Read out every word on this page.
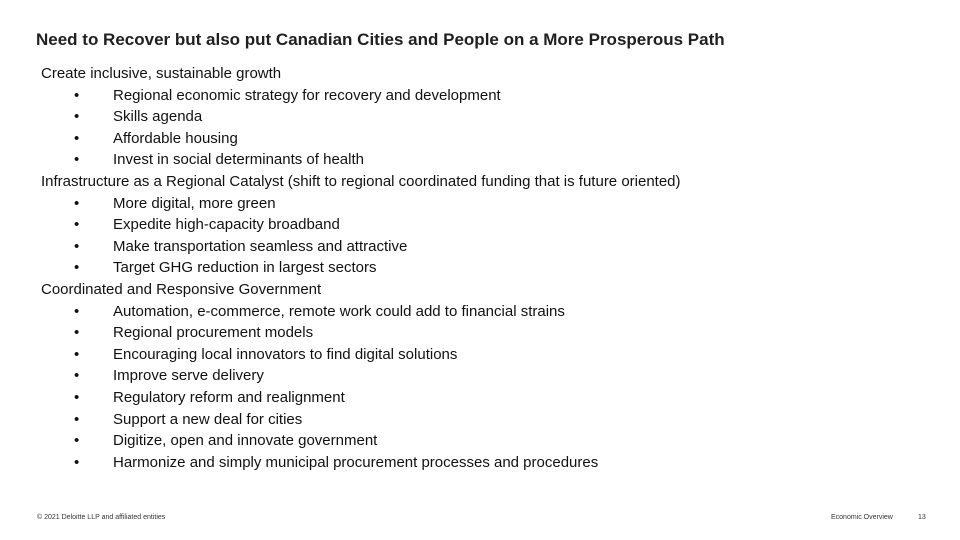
Need to Recover but also put Canadian Cities and People on a More Prosperous Path
Create inclusive, sustainable growth
• Regional economic strategy for recovery and development
• Skills agenda
• Affordable housing
• Invest in social determinants of health
Infrastructure as a Regional Catalyst (shift to regional coordinated funding that is future oriented)
• More digital, more green
• Expedite high-capacity broadband
• Make transportation seamless and attractive
• Target GHG reduction in largest sectors
Coordinated and Responsive Government
• Automation, e-commerce, remote work could add to financial strains
• Regional procurement models
• Encouraging local innovators to find digital solutions
• Improve serve delivery
• Regulatory reform and realignment
• Support a new deal for cities
• Digitize, open and innovate government
• Harmonize and simply municipal procurement processes and procedures
© 2021 Deloitte LLP and affiliated entities	Economic Overview	13
